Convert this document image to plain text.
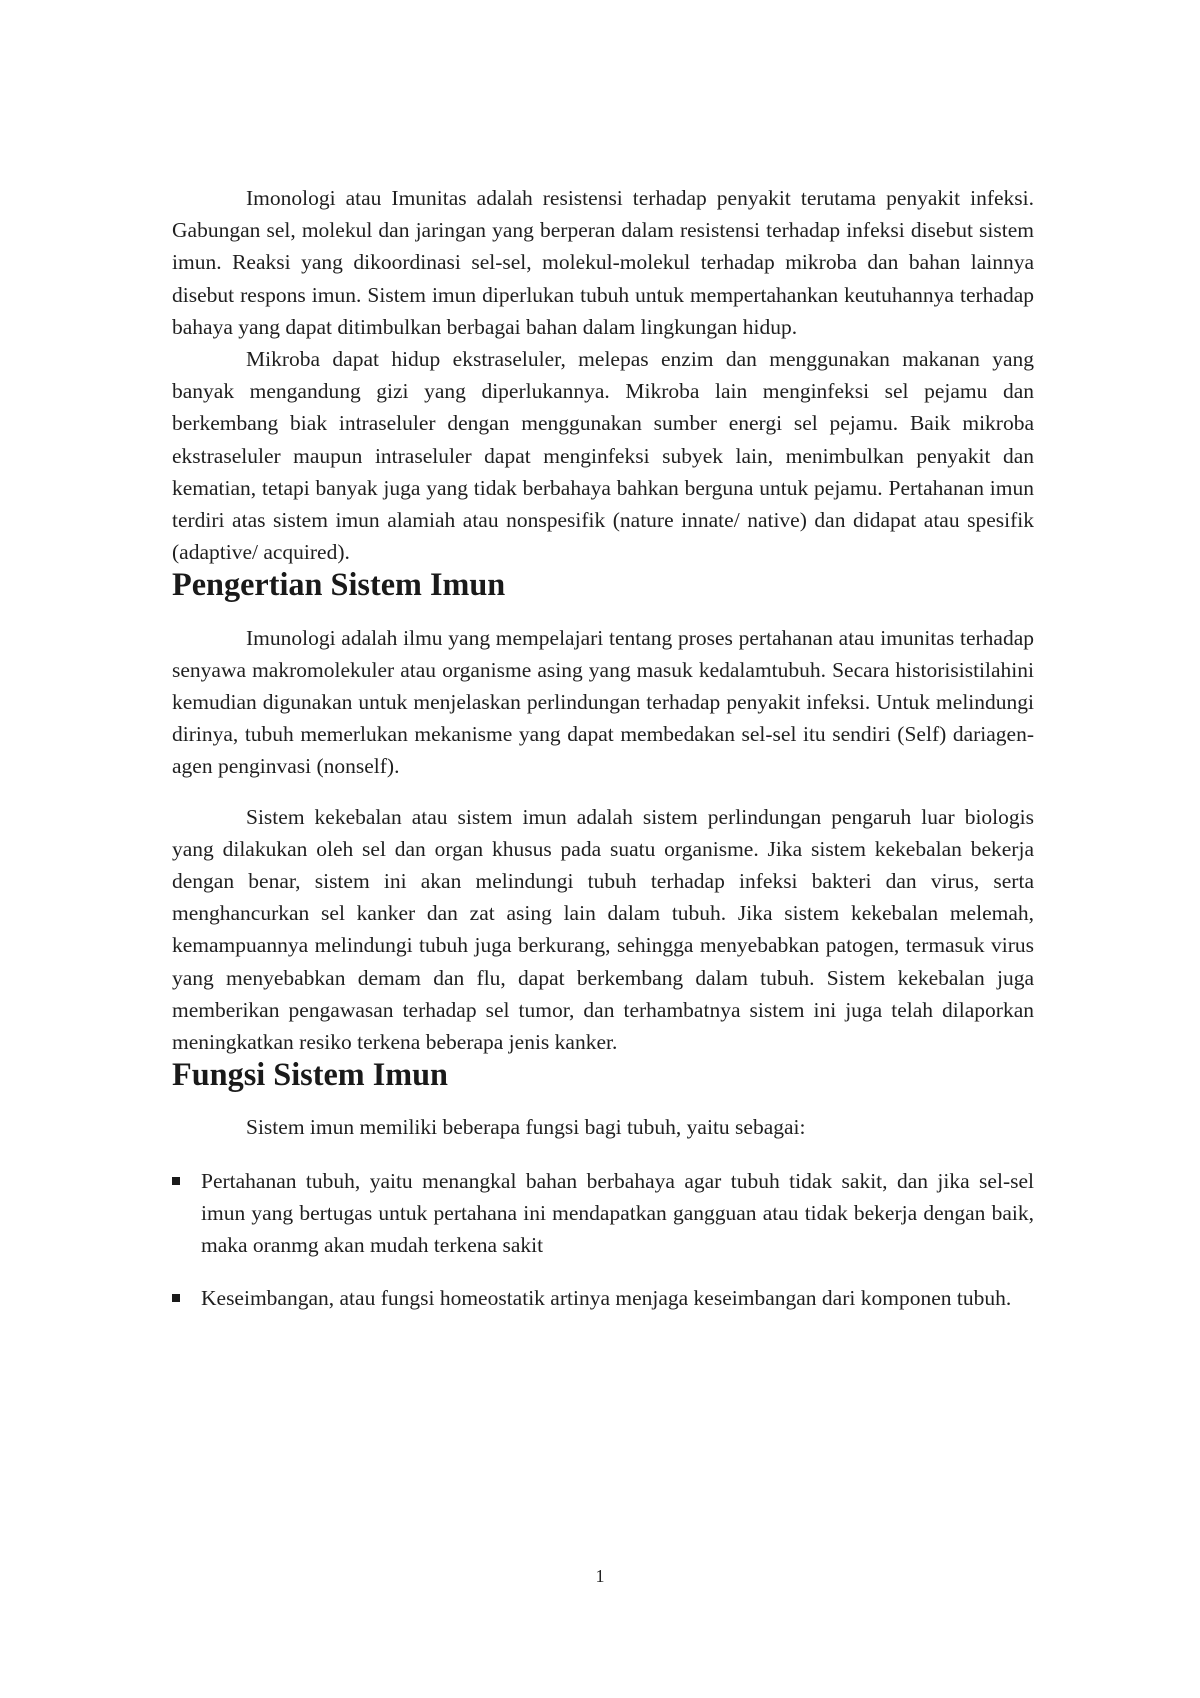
Imonologi atau Imunitas adalah resistensi terhadap penyakit terutama penyakit infeksi. Gabungan sel, molekul dan jaringan yang berperan dalam resistensi terhadap infeksi disebut sistem imun. Reaksi yang dikoordinasi sel-sel, molekul-molekul terhadap mikroba dan bahan lainnya disebut respons imun. Sistem imun diperlukan tubuh untuk mempertahankan keutuhannya terhadap bahaya yang dapat ditimbulkan berbagai bahan dalam lingkungan hidup.

Mikroba dapat hidup ekstraseluler, melepas enzim dan menggunakan makanan yang banyak mengandung gizi yang diperlukannya. Mikroba lain menginfeksi sel pejamu dan berkembang biak intraseluler dengan menggunakan sumber energi sel pejamu. Baik mikroba ekstraseluler maupun intraseluler dapat menginfeksi subyek lain, menimbulkan penyakit dan kematian, tetapi banyak juga yang tidak berbahaya bahkan berguna untuk pejamu. Pertahanan imun terdiri atas sistem imun alamiah atau nonspesifik (nature innate/ native) dan didapat atau spesifik (adaptive/ acquired).

Pengertian Sistem Imun

Imunologi adalah ilmu yang mempelajari tentang proses pertahanan atau imunitas terhadap senyawa makromolekuler atau organisme asing yang masuk kedalamtubuh. Secara historisistilahini kemudian digunakan untuk menjelaskan perlindungan terhadap penyakit infeksi. Untuk melindungi dirinya, tubuh memerlukan mekanisme yang dapat membedakan sel-sel itu sendiri (Self) dariagen-agen penginvasi (nonself).

Sistem kekebalan atau sistem imun adalah sistem perlindungan pengaruh luar biologis yang dilakukan oleh sel dan organ khusus pada suatu organisme. Jika sistem kekebalan bekerja dengan benar, sistem ini akan melindungi tubuh terhadap infeksi bakteri dan virus, serta menghancurkan sel kanker dan zat asing lain dalam tubuh. Jika sistem kekebalan melemah, kemampuannya melindungi tubuh juga berkurang, sehingga menyebabkan patogen, termasuk virus yang menyebabkan demam dan flu, dapat berkembang dalam tubuh. Sistem kekebalan juga memberikan pengawasan terhadap sel tumor, dan terhambatnya sistem ini juga telah dilaporkan meningkatkan resiko terkena beberapa jenis kanker.

Fungsi Sistem Imun

Sistem imun memiliki beberapa fungsi bagi tubuh, yaitu sebagai:

Pertahanan tubuh, yaitu menangkal bahan berbahaya agar tubuh tidak sakit, dan jika sel-sel imun yang bertugas untuk pertahana ini mendapatkan gangguan atau tidak bekerja dengan baik, maka oranmg akan mudah terkena sakit
Keseimbangan, atau fungsi homeostatik artinya menjaga keseimbangan dari komponen tubuh.
1
